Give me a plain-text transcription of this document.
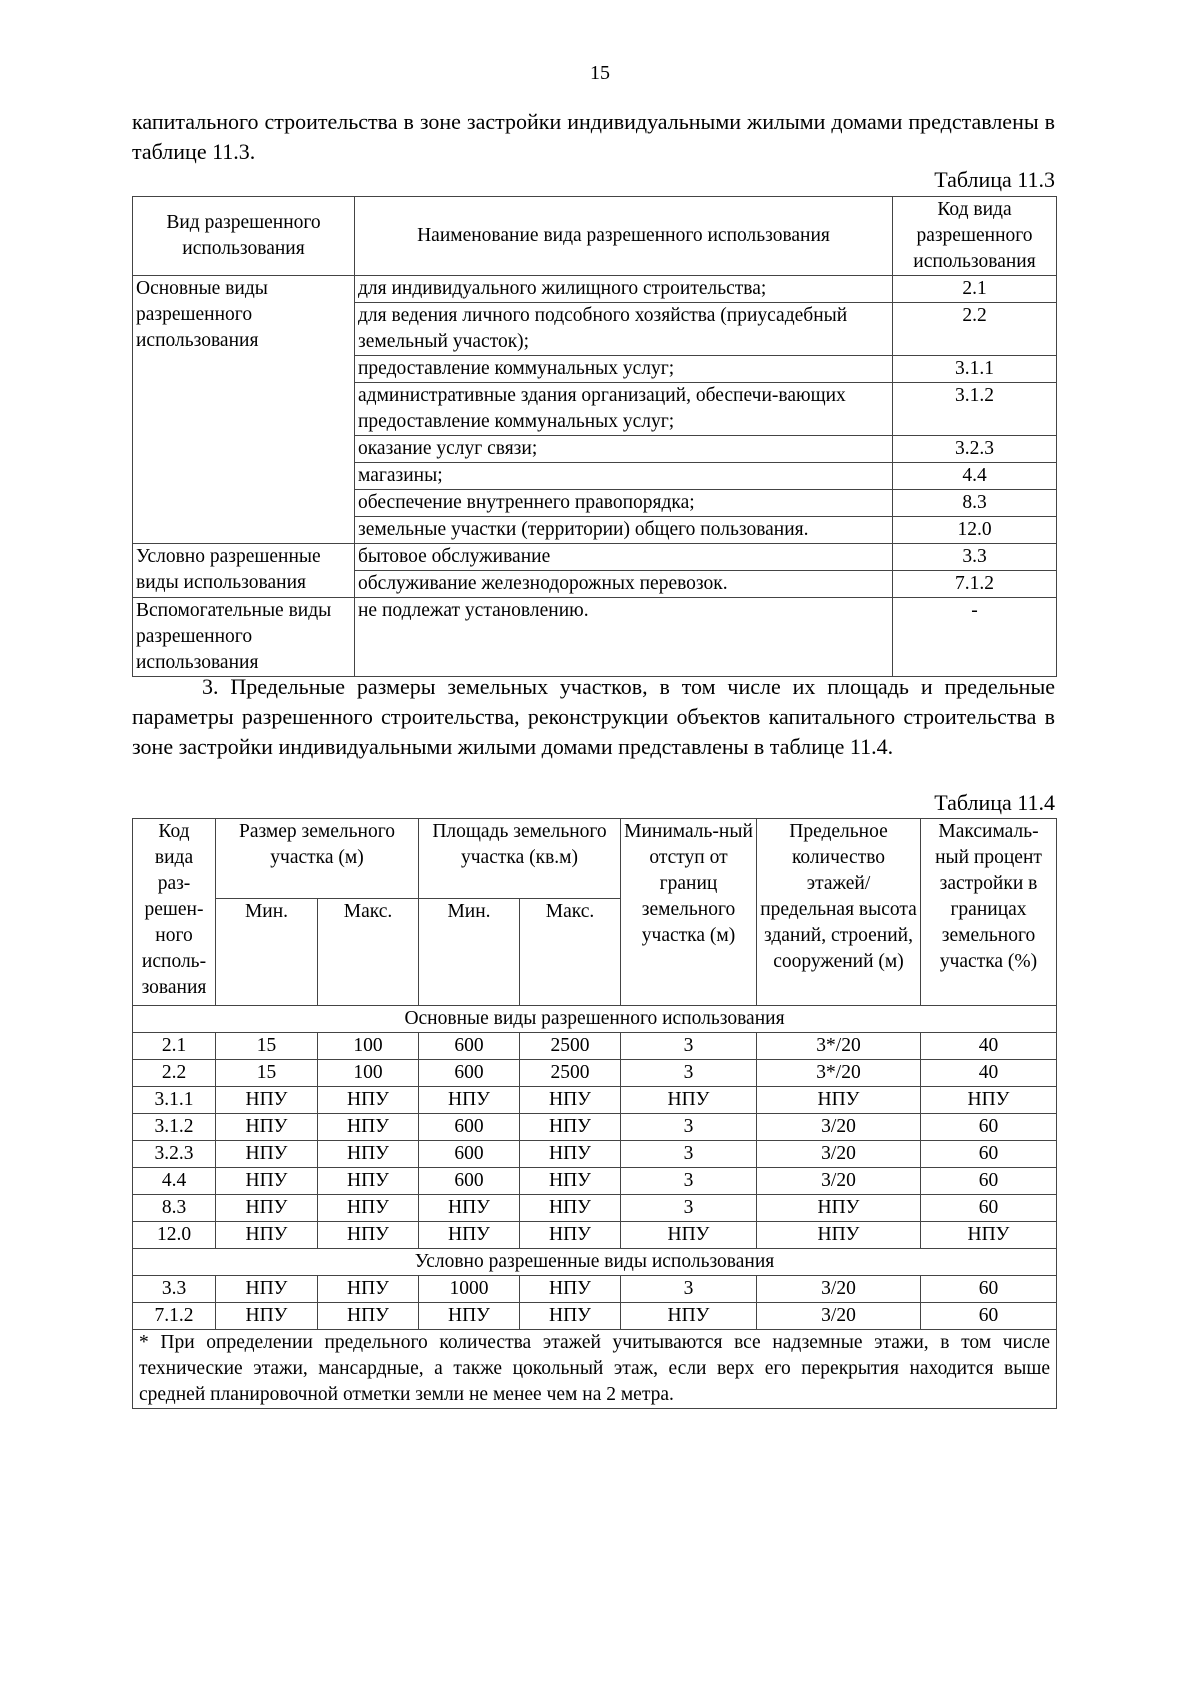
15
капитального строительства в зоне застройки индивидуальными жилыми домами представлены в таблице 11.3.
Таблица 11.3
Вид разрешенного использования	Наименование вида разрешенного использования	Код вида разрешенного использования
Основные виды разрешенного использования	для индивидуального жилищного строительства;	2.1
	для ведения личного подсобного хозяйства (приусадебный земельный участок);	2.2
	предоставление коммунальных услуг;	3.1.1
	административные здания организаций, обеспечи-вающих предоставление коммунальных услуг;	3.1.2
	оказание услуг связи;	3.2.3
	магазины;	4.4
	обеспечение внутреннего правопорядка;	8.3
	земельные участки (территории) общего пользования.	12.0
Условно разрешенные виды использования	бытовое обслуживание	3.3
	обслуживание железнодорожных перевозок.	7.1.2
Вспомогательные виды разрешенного использования	не подлежат установлению.	-
3. Предельные размеры земельных участков, в том числе их площадь и предельные параметры разрешенного строительства, реконструкции объектов капитального строительства в зоне застройки индивидуальными жилыми домами представлены в таблице 11.4.
Таблица 11.4
Код вида раз-решен-ного исполь-зования	Размер земельного участка (м)		Площадь земельного участка (кв.м)		Минималь-ный отступ от границ земельного участка (м)	Предельное количество этажей/ предельная высота зданий, строений, сооружений (м)	Максималь-ный процент застройки в границах земельного участка (%)
	Мин.	Макс.	Мин.	Макс.			
Основные виды разрешенного использования							
2.1	15	100	600	2500	3	3*/20	40
2.2	15	100	600	2500	3	3*/20	40
3.1.1	НПУ	НПУ	НПУ	НПУ	НПУ	НПУ	НПУ
3.1.2	НПУ	НПУ	600	НПУ	3	3/20	60
3.2.3	НПУ	НПУ	600	НПУ	3	3/20	60
4.4	НПУ	НПУ	600	НПУ	3	3/20	60
8.3	НПУ	НПУ	НПУ	НПУ	3	НПУ	60
12.0	НПУ	НПУ	НПУ	НПУ	НПУ	НПУ	НПУ
Условно разрешенные виды использования							
3.3	НПУ	НПУ	1000	НПУ	3	3/20	60
7.1.2	НПУ	НПУ	НПУ	НПУ	НПУ	3/20	60
* При определении предельного количества этажей учитываются все надземные этажи, в том числе технические этажи, мансардные, а также цокольный этаж, если верх его перекрытия находится выше средней планировочной отметки земли не менее чем на 2 метра.							
